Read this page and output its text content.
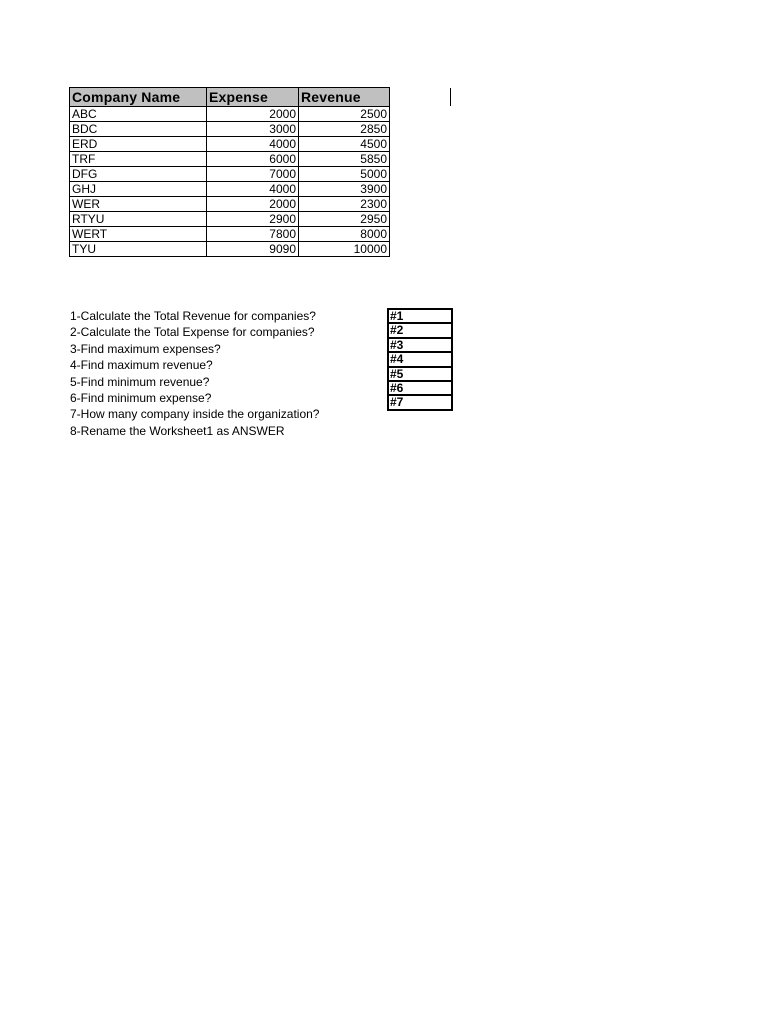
Company Name	Expense	Revenue
ABC	2000	2500
BDC	3000	2850
ERD	4000	4500
TRF	6000	5850
DFG	7000	5000
GHJ	4000	3900
WER	2000	2300
RTYU	2900	2950
WERT	7800	8000
TYU	9090	10000
1-Calculate the Total Revenue for companies?
2-Calculate the Total Expense for companies?
3-Find maximum expenses?
4-Find maximum revenue?
5-Find minimum revenue?
6-Find minimum expense?
7-How many company inside the organization?
8-Rename the Worksheet1 as ANSWER
#1
#2
#3
#4
#5
#6
#7
